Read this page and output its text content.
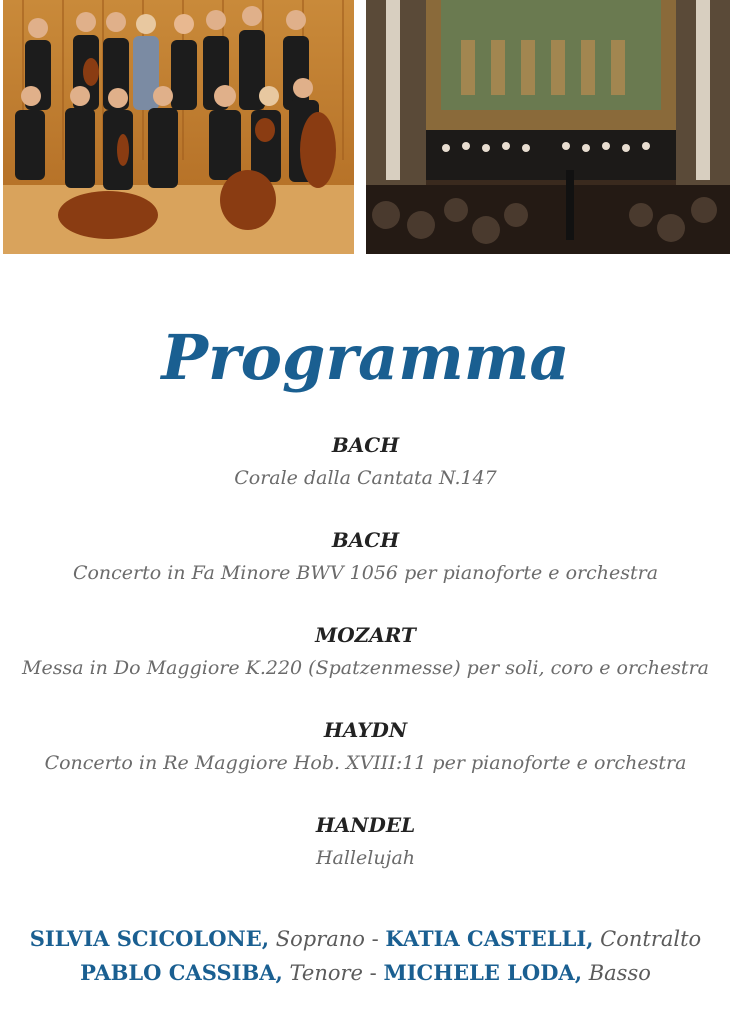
Programma
BACH
Corale dalla Cantata N.147
BACH
Concerto in Fa Minore BWV 1056 per pianoforte e orchestra
MOZART
Messa in Do Maggiore K.220 (Spatzenmesse) per soli, coro e orchestra
HAYDN
Concerto in Re Maggiore Hob. XVIII:11 per pianoforte e orchestra
HANDEL
Hallelujah
SILVIA SCICOLONE, Soprano - KATIA CASTELLI, Contralto
PABLO CASSIBA, Tenore - MICHELE LODA, Basso
